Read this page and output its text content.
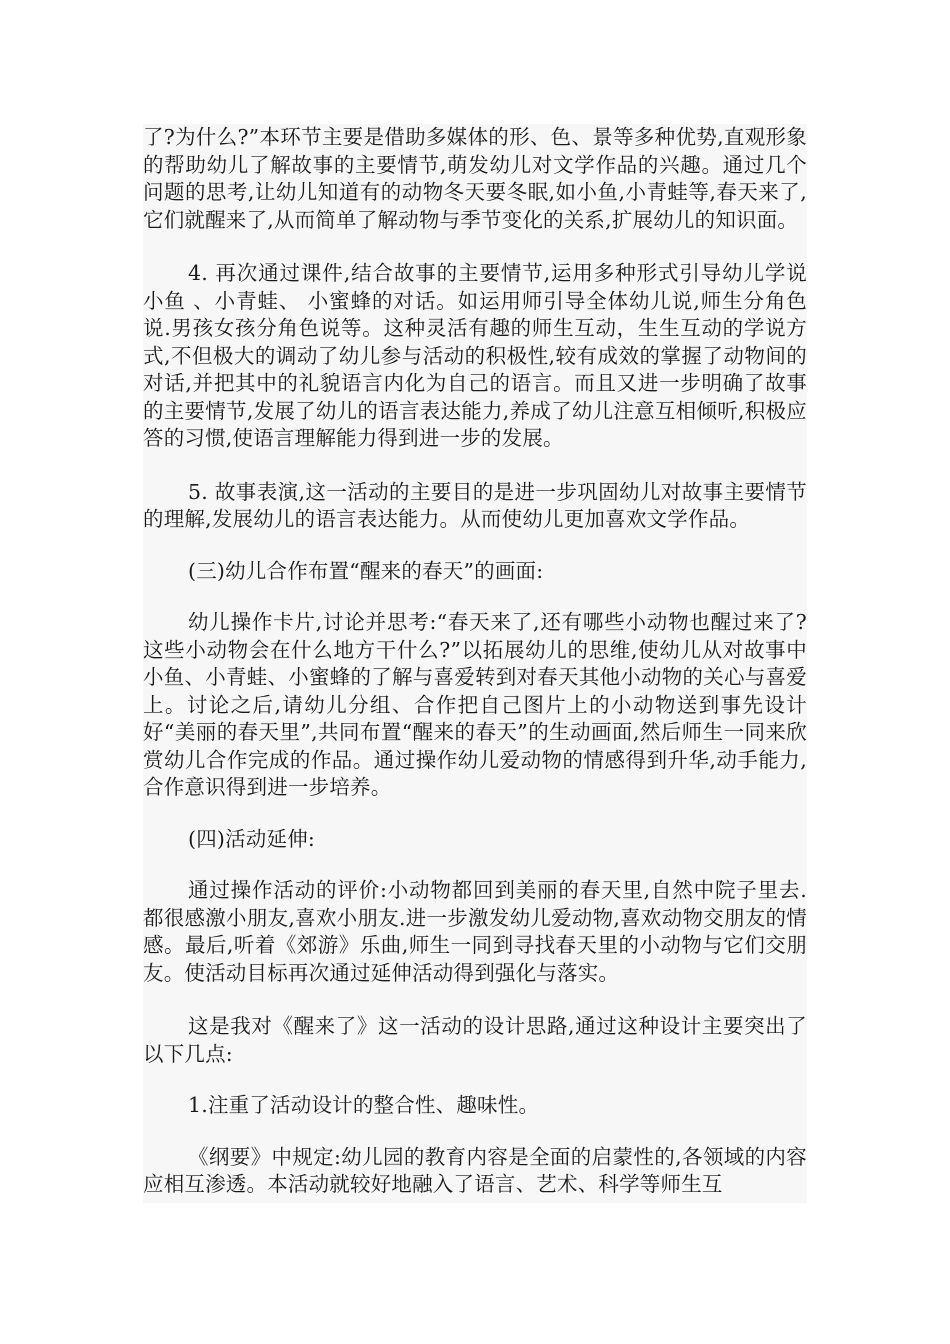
了?为什么?”本环节主要是借助多媒体的形、色、景等多种优势,直观形象的帮助幼儿了解故事的主要情节,萌发幼儿对文学作品的兴趣。通过几个问题的思考,让幼儿知道有的动物冬天要冬眠,如小鱼,小青蛙等,春天来了,它们就醒来了,从而简单了解动物与季节变化的关系,扩展幼儿的知识面。

4. 再次通过课件,结合故事的主要情节,运用多种形式引导幼儿学说小鱼 、小青蛙、 小蜜蜂的对话。如运用师引导全体幼儿说,师生分角色说.男孩女孩分角色说等。这种灵活有趣的师生互动，生生互动的学说方式,不但极大的调动了幼儿参与活动的积极性,较有成效的掌握了动物间的对话,并把其中的礼貌语言内化为自己的语言。而且又进一步明确了故事的主要情节,发展了幼儿的语言表达能力,养成了幼儿注意互相倾听,积极应答的习惯,使语言理解能力得到进一步的发展。

5. 故事表演,这一活动的主要目的是进一步巩固幼儿对故事主要情节的理解,发展幼儿的语言表达能力。从而使幼儿更加喜欢文学作品。

(三)幼儿合作布置“醒来的春天”的画面:

幼儿操作卡片,讨论并思考:“春天来了,还有哪些小动物也醒过来了?这些小动物会在什么地方干什么?”以拓展幼儿的思维,使幼儿从对故事中小鱼、小青蛙、小蜜蜂的了解与喜爱转到对春天其他小动物的关心与喜爱上。讨论之后,请幼儿分组、合作把自己图片上的小动物送到事先设计好“美丽的春天里”,共同布置“醒来的春天”的生动画面,然后师生一同来欣赏幼儿合作完成的作品。通过操作幼儿爱动物的情感得到升华,动手能力,合作意识得到进一步培养。

(四)活动延伸:

通过操作活动的评价:小动物都回到美丽的春天里,自然中院子里去.都很感激小朋友,喜欢小朋友.进一步激发幼儿爱动物,喜欢动物交朋友的情感。最后,听着《郊游》乐曲,师生一同到寻找春天里的小动物与它们交朋友。使活动目标再次通过延伸活动得到强化与落实。

这是我对《醒来了》这一活动的设计思路,通过这种设计主要突出了以下几点:

1.注重了活动设计的整合性、趣味性。

《纲要》中规定:幼儿园的教育内容是全面的启蒙性的,各领域的内容应相互渗透。本活动就较好地融入了语言、艺术、科学等师生互
